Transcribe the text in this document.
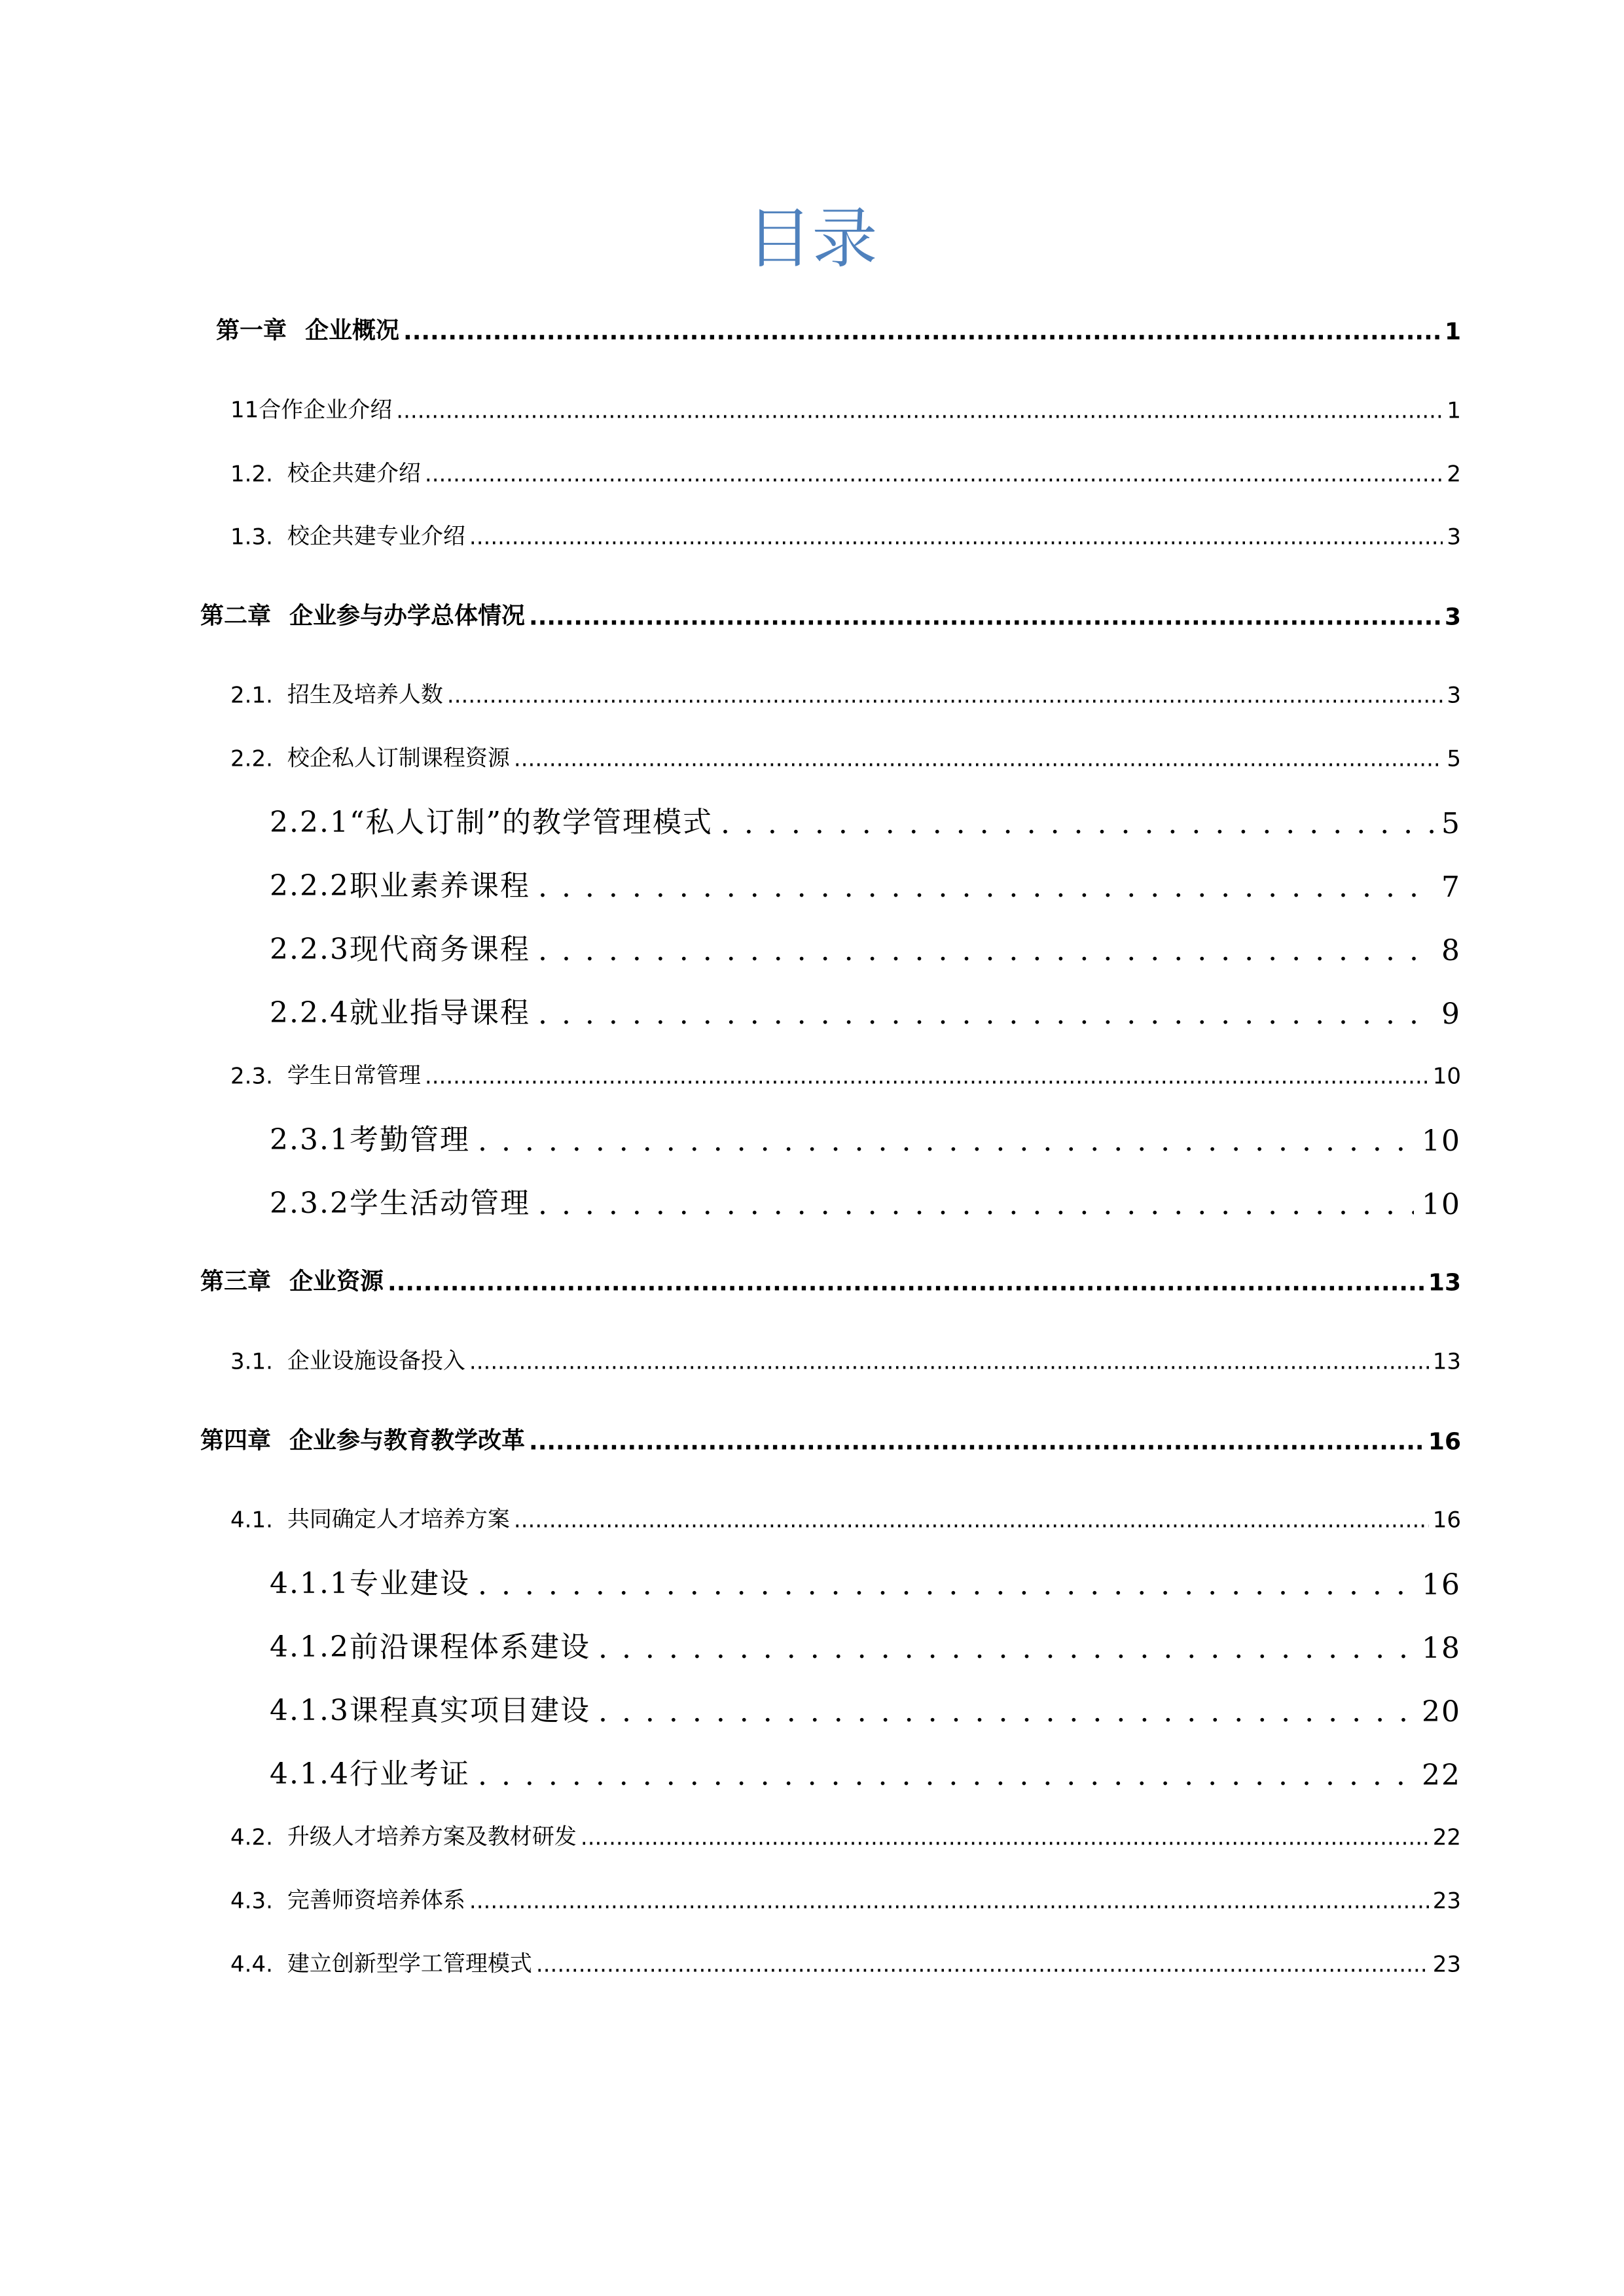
目录
第一章 企业概况 .....	1
11合作企业介绍 .....	1
1.2. 校企共建介绍 .....	2
1.3. 校企共建专业介绍 .....	3
第二章 企业参与办学总体情况 .....	3
2.1. 招生及培养人数 .....	3
2.2. 校企私人订制课程资源 .....	5
2.2.1“私人订制”的教学管理模式 . . .	5
2.2.2职业素养课程 . . .	7
2.2.3现代商务课程 . . .	8
2.2.4就业指导课程 . . .	9
2.3. 学生日常管理 .....	10
2.3.1考勤管理 . . .	10
2.3.2学生活动管理 . . .	10
第三章 企业资源 .....	13
3.1. 企业设施设备投入 .....	13
第四章 企业参与教育教学改革 .....	16
4.1. 共同确定人才培养方案 .....	16
4.1.1专业建设 . . .	16
4.1.2前沿课程体系建设 . . .	18
4.1.3课程真实项目建设 . . .	20
4.1.4行业考证 . . .	22
4.2. 升级人才培养方案及教材研发 .....	22
4.3. 完善师资培养体系 .....	23
4.4. 建立创新型学工管理模式 .....	23
